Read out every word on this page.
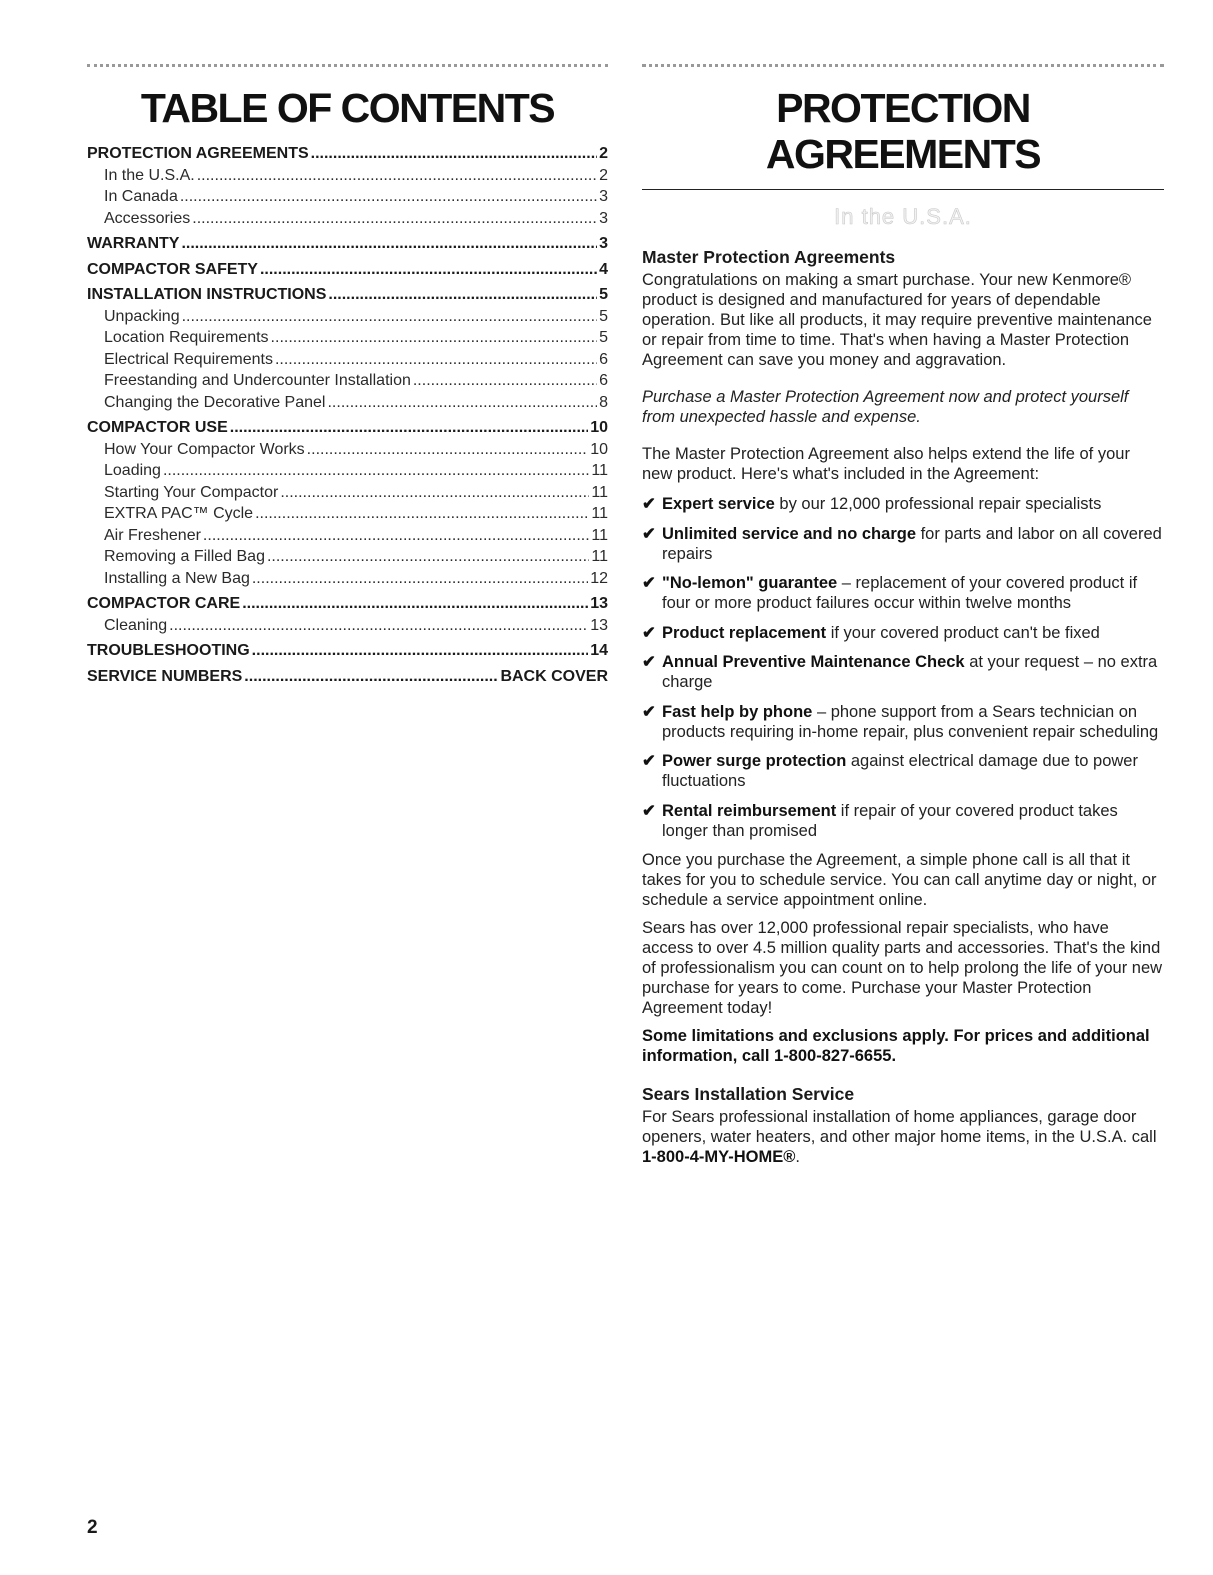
TABLE OF CONTENTS
PROTECTION AGREEMENTS .....	2
In the U.S.A. .....	2
In Canada .....	3
Accessories .....	3
WARRANTY .....	3
COMPACTOR SAFETY .....	4
INSTALLATION INSTRUCTIONS .....	5
Unpacking .....	5
Location Requirements .....	5
Electrical Requirements .....	6
Freestanding and Undercounter Installation .....	6
Changing the Decorative Panel .....	8
COMPACTOR USE .....	10
How Your Compactor Works .....	10
Loading .....	11
Starting Your Compactor .....	11
EXTRA PAC™ Cycle .....	11
Air Freshener .....	11
Removing a Filled Bag .....	11
Installing a New Bag .....	12
COMPACTOR CARE .....	13
Cleaning .....	13
TROUBLESHOOTING .....	14
SERVICE NUMBERS .....	BACK COVER
PROTECTION AGREEMENTS
In the U.S.A.
Master Protection Agreements

Congratulations on making a smart purchase. Your new Kenmore® product is designed and manufactured for years of dependable operation. But like all products, it may require preventive maintenance or repair from time to time. That's when having a Master Protection Agreement can save you money and aggravation.

Purchase a Master Protection Agreement now and protect yourself from unexpected hassle and expense.

The Master Protection Agreement also helps extend the life of your new product. Here's what's included in the Agreement:

✔ Expert service by our 12,000 professional repair specialists
✔ Unlimited service and no charge for parts and labor on all covered repairs
✔ "No-lemon" guarantee – replacement of your covered product if four or more product failures occur within twelve months
✔ Product replacement if your covered product can't be fixed
✔ Annual Preventive Maintenance Check at your request – no extra charge
✔ Fast help by phone – phone support from a Sears technician on products requiring in-home repair, plus convenient repair scheduling
✔ Power surge protection against electrical damage due to power fluctuations
✔ Rental reimbursement if repair of your covered product takes longer than promised

Once you purchase the Agreement, a simple phone call is all that it takes for you to schedule service. You can call anytime day or night, or schedule a service appointment online.

Sears has over 12,000 professional repair specialists, who have access to over 4.5 million quality parts and accessories. That's the kind of professionalism you can count on to help prolong the life of your new purchase for years to come. Purchase your Master Protection Agreement today!

Some limitations and exclusions apply. For prices and additional information, call 1-800-827-6655.

Sears Installation Service

For Sears professional installation of home appliances, garage door openers, water heaters, and other major home items, in the U.S.A. call 1-800-4-MY-HOME®.

2
